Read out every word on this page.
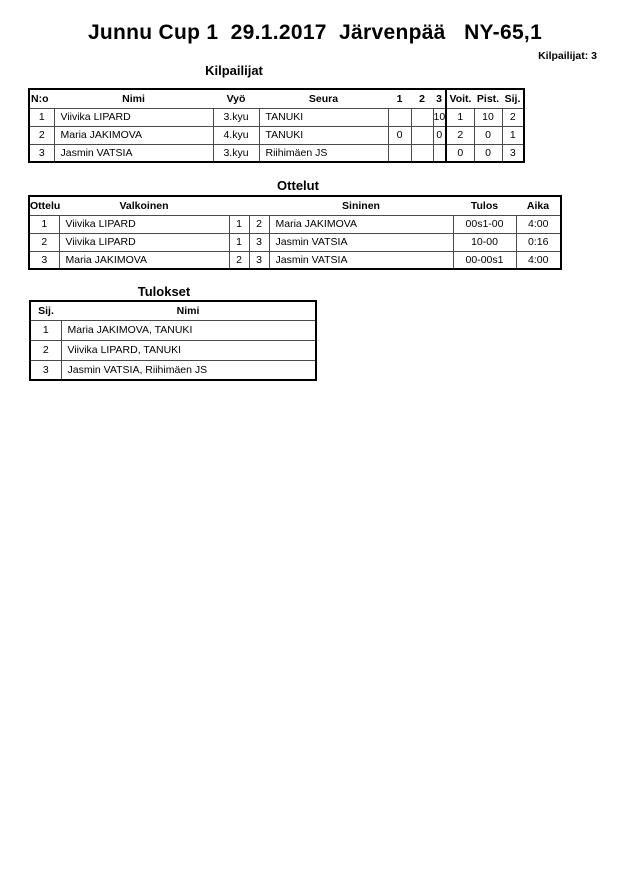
Junnu Cup 1  29.1.2017  Järvenpää   NY-65,1
Kilpailijat: 3
Kilpailijat
N:o	Nimi	Vyö	Seura	1	2	3	Voit.	Pist.	Sij.
1	Viivika LIPARD	3.kyu	TANUKI			10	1	10	2
2	Maria JAKIMOVA	4.kyu	TANUKI	0		0	2	0	1
3	Jasmin VATSIA	3.kyu	Riihimäen JS				0	0	3
Ottelut
Ottelu	Valkoinen			Sininen	Tulos	Aika
1	Viivika LIPARD	1	2	Maria JAKIMOVA	00s1-00	4:00
2	Viivika LIPARD	1	3	Jasmin VATSIA	10-00	0:16
3	Maria JAKIMOVA	2	3	Jasmin VATSIA	00-00s1	4:00
Tulokset
Sij.	Nimi
1	Maria JAKIMOVA, TANUKI
2	Viivika LIPARD, TANUKI
3	Jasmin VATSIA, Riihimäen JS
